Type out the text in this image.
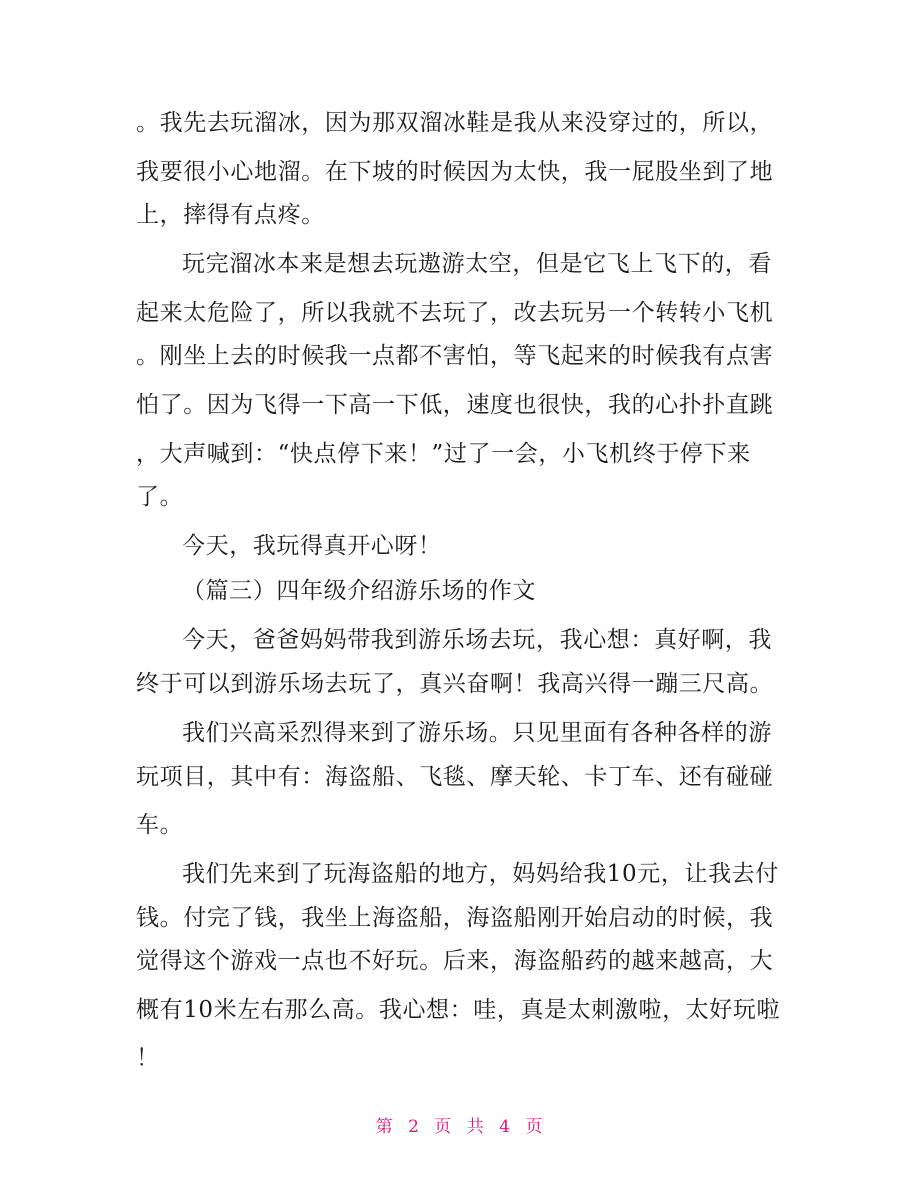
。我先去玩溜冰，因为那双溜冰鞋是我从来没穿过的，所以，
我要很小心地溜。在下坡的时候因为太快，我一屁股坐到了地
上，摔得有点疼。
玩完溜冰本来是想去玩遨游太空，但是它飞上飞下的，看
起来太危险了，所以我就不去玩了，改去玩另一个转转小飞机
。刚坐上去的时候我一点都不害怕，等飞起来的时候我有点害
怕了。因为飞得一下高一下低，速度也很快，我的心扑扑直跳
，大声喊到：“快点停下来！”过了一会，小飞机终于停下来
了。
今天，我玩得真开心呀！
（篇三）四年级介绍游乐场的作文
今天，爸爸妈妈带我到游乐场去玩，我心想：真好啊，我
终于可以到游乐场去玩了，真兴奋啊！我高兴得一蹦三尺高。
我们兴高采烈得来到了游乐场。只见里面有各种各样的游
玩项目，其中有：海盗船、飞毯、摩天轮、卡丁车、还有碰碰
车。
我们先来到了玩海盗船的地方，妈妈给我10元，让我去付
钱。付完了钱，我坐上海盗船，海盗船刚开始启动的时候，我
觉得这个游戏一点也不好玩。后来，海盗船药的越来越高，大
概有10米左右那么高。我心想：哇，真是太刺激啦，太好玩啦
！
第 2 页 共 4 页
